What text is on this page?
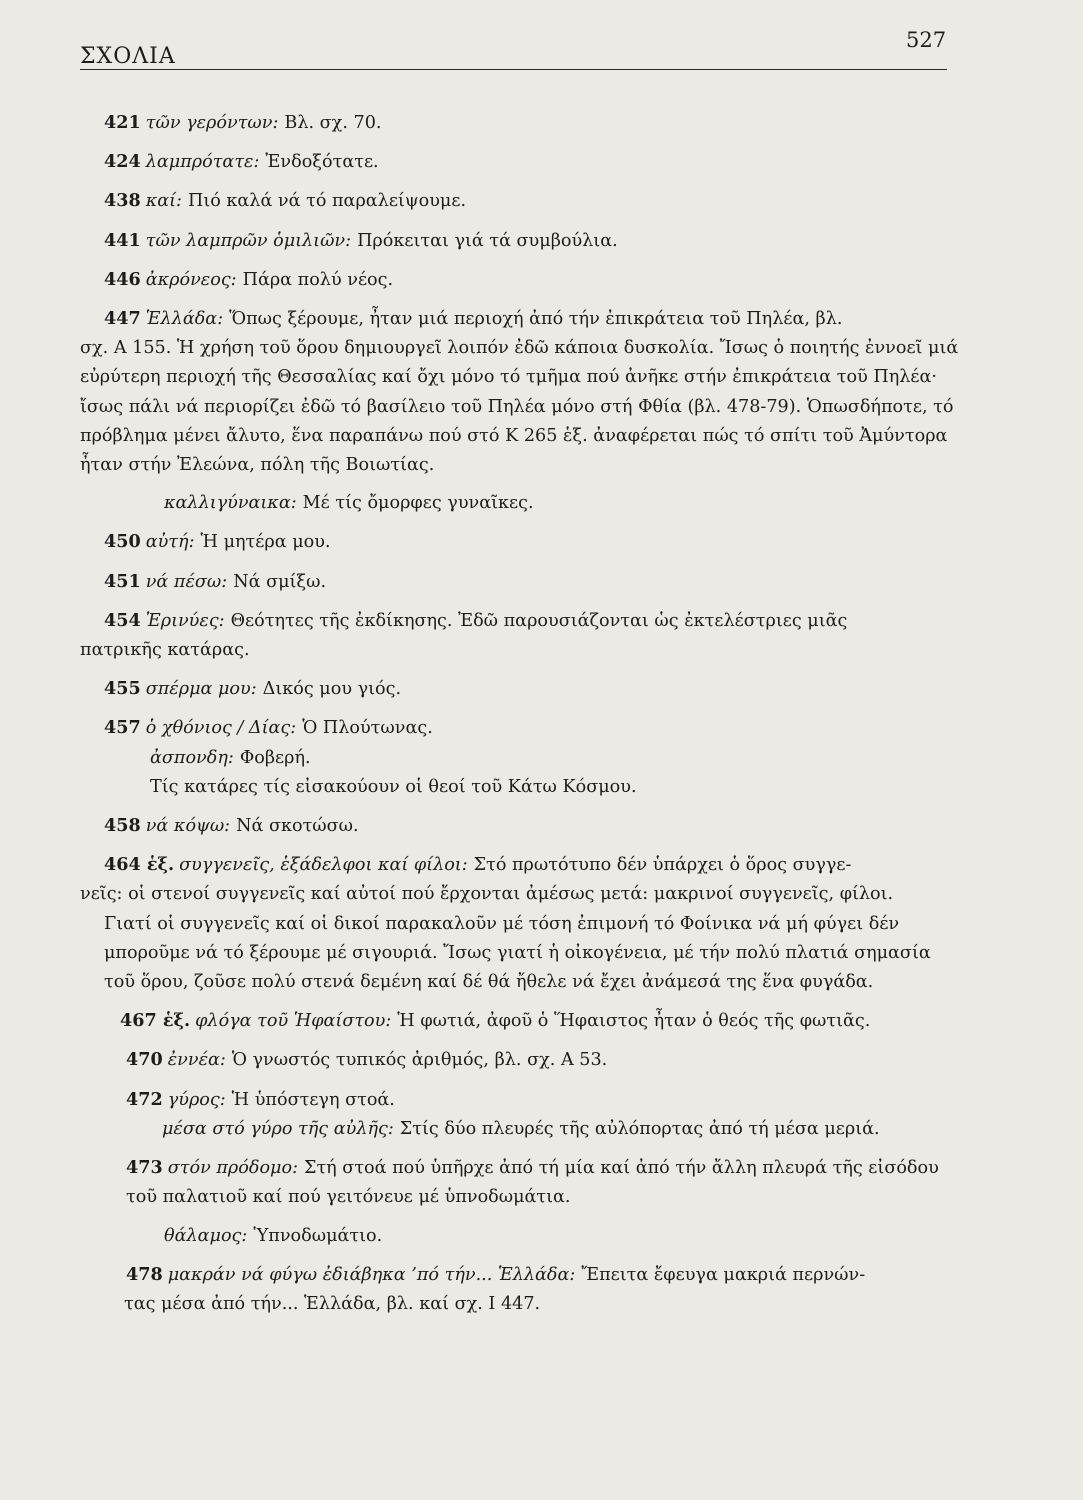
ΣΧΟΛΙΑ
527

421 τῶν γερόντων: Βλ. σχ. 70.

424 λαμπρότατε: Ἐνδοξότατε.

438 καί: Πιό καλά νά τό παραλείψουμε.

441 τῶν λαμπρῶν ὁμιλιῶν: Πρόκειται γιά τά συμβούλια.

446 ἀκρόνεος: Πάρα πολύ νέος.

447 Ἑλλάδα: Ὅπως ξέρουμε, ἦταν μιά περιοχή ἀπό τήν ἐπικράτεια τοῦ Πηλέα, βλ.
σχ. Α 155. Ἡ χρήση τοῦ ὅρου δημιουργεῖ λοιπόν ἐδῶ κάποια δυσκολία. Ἴσως ὁ ποιητής ἐννοεῖ μιά εὐρύτερη περιοχή τῆς Θεσσαλίας καί ὄχι μόνο τό τμῆμα πού ἀνῆκε στήν ἐπικράτεια τοῦ Πηλέα· ἴσως πάλι νά περιορίζει ἐδῶ τό βασίλειο τοῦ Πηλέα μόνο στή Φθία (βλ. 478-79). Ὁπωσδήποτε, τό πρόβλημα μένει ἄλυτο, ἕνα παραπάνω πού στό Κ 265 ἑξ. ἀναφέρεται πώς τό σπίτι τοῦ Ἀμύντορα ἦταν στήν Ἐλεώνα, πόλη τῆς Βοιωτίας.

καλλιγύναικα: Μέ τίς ὄμορφες γυναῖκες.

450 αὐτή: Ἡ μητέρα μου.

451 νά πέσω: Νά σμίξω.

454 Ἐρινύες: Θεότητες τῆς ἐκδίκησης. Ἐδῶ παρουσιάζονται ὡς ἐκτελέστριες μιᾶς
πατρικῆς κατάρας.

455 σπέρμα μου: Δικός μου γιός.

457 ὁ χθόνιος / Δίας: Ὁ Πλούτωνας.
ἀσπονδη: Φοβερή.
Τίς κατάρες τίς εἰσακούουν οἱ θεοί τοῦ Κάτω Κόσμου.

458 νά κόψω: Νά σκοτώσω.

464 ἑξ. συγγενεῖς, ἑξάδελφοι καί φίλοι: Στό πρωτότυπο δέν ὑπάρχει ὁ ὅρος συγγε-
νεῖς: οἱ στενοί συγγενεῖς καί αὐτοί πού ἔρχονται ἀμέσως μετά: μακρινοί συγγενεῖς, φίλοι.

Γιατί οἱ συγγενεῖς καί οἱ δικοί παρακαλοῦν μέ τόση ἐπιμονή τό Φοίνικα νά μή φύγει δέν μποροῦμε νά τό ξέρουμε μέ σιγουριά. Ἴσως γιατί ἡ οἰκογένεια, μέ τήν πολύ πλατιά σημασία τοῦ ὅρου, ζοῦσε πολύ στενά δεμένη καί δέ θά ἤθελε νά ἔχει ἀνάμεσά της ἕνα φυγάδα.

467 ἑξ. φλόγα τοῦ Ἡφαίστου: Ἡ φωτιά, ἀφοῦ ὁ Ἥφαιστος ἦταν ὁ θεός τῆς φωτιᾶς.

470 ἐννέα: Ὁ γνωστός τυπικός ἀριθμός, βλ. σχ. Α 53.

472 γύρος: Ἡ ὑπόστεγη στοά.
μέσα στό γύρο τῆς αὐλῆς: Στίς δύο πλευρές τῆς αὐλόπορτας ἀπό τή μέσα μεριά.

473 στόν πρόδομο: Στή στοά πού ὑπῆρχε ἀπό τή μία καί ἀπό τήν ἄλλη πλευρά τῆς εἰσόδου τοῦ παλατιοῦ καί πού γειτόνευε μέ ὑπνοδωμάτια.

θάλαμος: Ὑπνοδωμάτιο.

478 μακράν νά φύγω ἐδιάβηκα ’πό τήν... Ἑλλάδα: Ἔπειτα ἔφευγα μακριά περνών-
τας μέσα ἀπό τήν... Ἑλλάδα, βλ. καί σχ. Ι 447.
